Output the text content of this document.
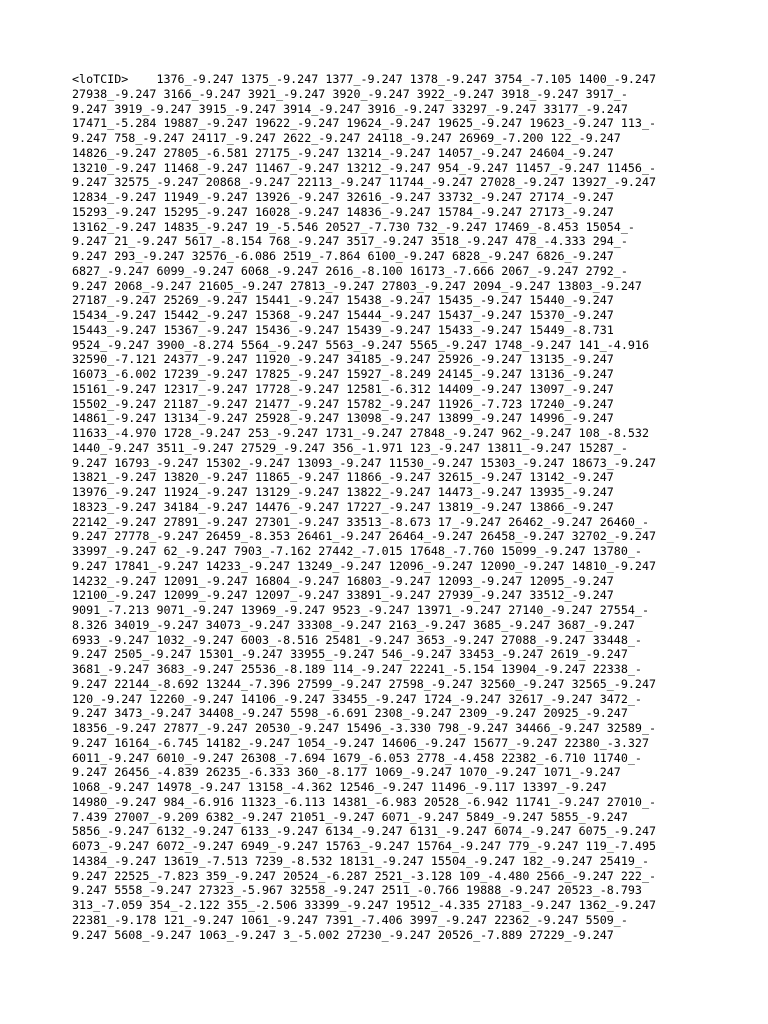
<loTCID>    1376_-9.247 1375_-9.247 1377_-9.247 1378_-9.247 3754_-7.105 1400_-9.247
27938_-9.247 3166_-9.247 3921_-9.247 3920_-9.247 3922_-9.247 3918_-9.247 3917_-
9.247 3919_-9.247 3915_-9.247 3914_-9.247 3916_-9.247 33297_-9.247 33177_-9.247
17471_-5.284 19887_-9.247 19622_-9.247 19624_-9.247 19625_-9.247 19623_-9.247 113_-
9.247 758_-9.247 24117_-9.247 2622_-9.247 24118_-9.247 26969_-7.200 122_-9.247
14826_-9.247 27805_-6.581 27175_-9.247 13214_-9.247 14057_-9.247 24604_-9.247
13210_-9.247 11468_-9.247 11467_-9.247 13212_-9.247 954_-9.247 11457_-9.247 11456_-
9.247 32575_-9.247 20868_-9.247 22113_-9.247 11744_-9.247 27028_-9.247 13927_-9.247
12834_-9.247 11949_-9.247 13926_-9.247 32616_-9.247 33732_-9.247 27174_-9.247
15293_-9.247 15295_-9.247 16028_-9.247 14836_-9.247 15784_-9.247 27173_-9.247
13162_-9.247 14835_-9.247 19_-5.546 20527_-7.730 732_-9.247 17469_-8.453 15054_-
9.247 21_-9.247 5617_-8.154 768_-9.247 3517_-9.247 3518_-9.247 478_-4.333 294_-
9.247 293_-9.247 32576_-6.086 2519_-7.864 6100_-9.247 6828_-9.247 6826_-9.247
6827_-9.247 6099_-9.247 6068_-9.247 2616_-8.100 16173_-7.666 2067_-9.247 2792_-
9.247 2068_-9.247 21605_-9.247 27813_-9.247 27803_-9.247 2094_-9.247 13803_-9.247
27187_-9.247 25269_-9.247 15441_-9.247 15438_-9.247 15435_-9.247 15440_-9.247
15434_-9.247 15442_-9.247 15368_-9.247 15444_-9.247 15437_-9.247 15370_-9.247
15443_-9.247 15367_-9.247 15436_-9.247 15439_-9.247 15433_-9.247 15449_-8.731
9524_-9.247 3900_-8.274 5564_-9.247 5563_-9.247 5565_-9.247 1748_-9.247 141_-4.916
32590_-7.121 24377_-9.247 11920_-9.247 34185_-9.247 25926_-9.247 13135_-9.247
16073_-6.002 17239_-9.247 17825_-9.247 15927_-8.249 24145_-9.247 13136_-9.247
15161_-9.247 12317_-9.247 17728_-9.247 12581_-6.312 14409_-9.247 13097_-9.247
15502_-9.247 21187_-9.247 21477_-9.247 15782_-9.247 11926_-7.723 17240_-9.247
14861_-9.247 13134_-9.247 25928_-9.247 13098_-9.247 13899_-9.247 14996_-9.247
11633_-4.970 1728_-9.247 253_-9.247 1731_-9.247 27848_-9.247 962_-9.247 108_-8.532
1440_-9.247 3511_-9.247 27529_-9.247 356_-1.971 123_-9.247 13811_-9.247 15287_-
9.247 16793_-9.247 15302_-9.247 13093_-9.247 11530_-9.247 15303_-9.247 18673_-9.247
13821_-9.247 13820_-9.247 11865_-9.247 11866_-9.247 32615_-9.247 13142_-9.247
13976_-9.247 11924_-9.247 13129_-9.247 13822_-9.247 14473_-9.247 13935_-9.247
18323_-9.247 34184_-9.247 14476_-9.247 17227_-9.247 13819_-9.247 13866_-9.247
22142_-9.247 27891_-9.247 27301_-9.247 33513_-8.673 17_-9.247 26462_-9.247 26460_-
9.247 27778_-9.247 26459_-8.353 26461_-9.247 26464_-9.247 26458_-9.247 32702_-9.247
33997_-9.247 62_-9.247 7903_-7.162 27442_-7.015 17648_-7.760 15099_-9.247 13780_-
9.247 17841_-9.247 14233_-9.247 13249_-9.247 12096_-9.247 12090_-9.247 14810_-9.247
14232_-9.247 12091_-9.247 16804_-9.247 16803_-9.247 12093_-9.247 12095_-9.247
12100_-9.247 12099_-9.247 12097_-9.247 33891_-9.247 27939_-9.247 33512_-9.247
9091_-7.213 9071_-9.247 13969_-9.247 9523_-9.247 13971_-9.247 27140_-9.247 27554_-
8.326 34019_-9.247 34073_-9.247 33308_-9.247 2163_-9.247 3685_-9.247 3687_-9.247
6933_-9.247 1032_-9.247 6003_-8.516 25481_-9.247 3653_-9.247 27088_-9.247 33448_-
9.247 2505_-9.247 15301_-9.247 33955_-9.247 546_-9.247 33453_-9.247 2619_-9.247
3681_-9.247 3683_-9.247 25536_-8.189 114_-9.247 22241_-5.154 13904_-9.247 22338_-
9.247 22144_-8.692 13244_-7.396 27599_-9.247 27598_-9.247 32560_-9.247 32565_-9.247
120_-9.247 12260_-9.247 14106_-9.247 33455_-9.247 1724_-9.247 32617_-9.247 3472_-
9.247 3473_-9.247 34408_-9.247 5598_-6.691 2308_-9.247 2309_-9.247 20925_-9.247
18356_-9.247 27877_-9.247 20530_-9.247 15496_-3.330 798_-9.247 34466_-9.247 32589_-
9.247 16164_-6.745 14182_-9.247 1054_-9.247 14606_-9.247 15677_-9.247 22380_-3.327
6011_-9.247 6010_-9.247 26308_-7.694 1679_-6.053 2778_-4.458 22382_-6.710 11740_-
9.247 26456_-4.839 26235_-6.333 360_-8.177 1069_-9.247 1070_-9.247 1071_-9.247
1068_-9.247 14978_-9.247 13158_-4.362 12546_-9.247 11496_-9.117 13397_-9.247
14980_-9.247 984_-6.916 11323_-6.113 14381_-6.983 20528_-6.942 11741_-9.247 27010_-
7.439 27007_-9.209 6382_-9.247 21051_-9.247 6071_-9.247 5849_-9.247 5855_-9.247
5856_-9.247 6132_-9.247 6133_-9.247 6134_-9.247 6131_-9.247 6074_-9.247 6075_-9.247
6073_-9.247 6072_-9.247 6949_-9.247 15763_-9.247 15764_-9.247 779_-9.247 119_-7.495
14384_-9.247 13619_-7.513 7239_-8.532 18131_-9.247 15504_-9.247 182_-9.247 25419_-
9.247 22525_-7.823 359_-9.247 20524_-6.287 2521_-3.128 109_-4.480 2566_-9.247 222_-
9.247 5558_-9.247 27323_-5.967 32558_-9.247 2511_-0.766 19888_-9.247 20523_-8.793
313_-7.059 354_-2.122 355_-2.506 33399_-9.247 19512_-4.335 27183_-9.247 1362_-9.247
22381_-9.178 121_-9.247 1061_-9.247 7391_-7.406 3997_-9.247 22362_-9.247 5509_-
9.247 5608_-9.247 1063_-9.247 3_-5.002 27230_-9.247 20526_-7.889 27229_-9.247
